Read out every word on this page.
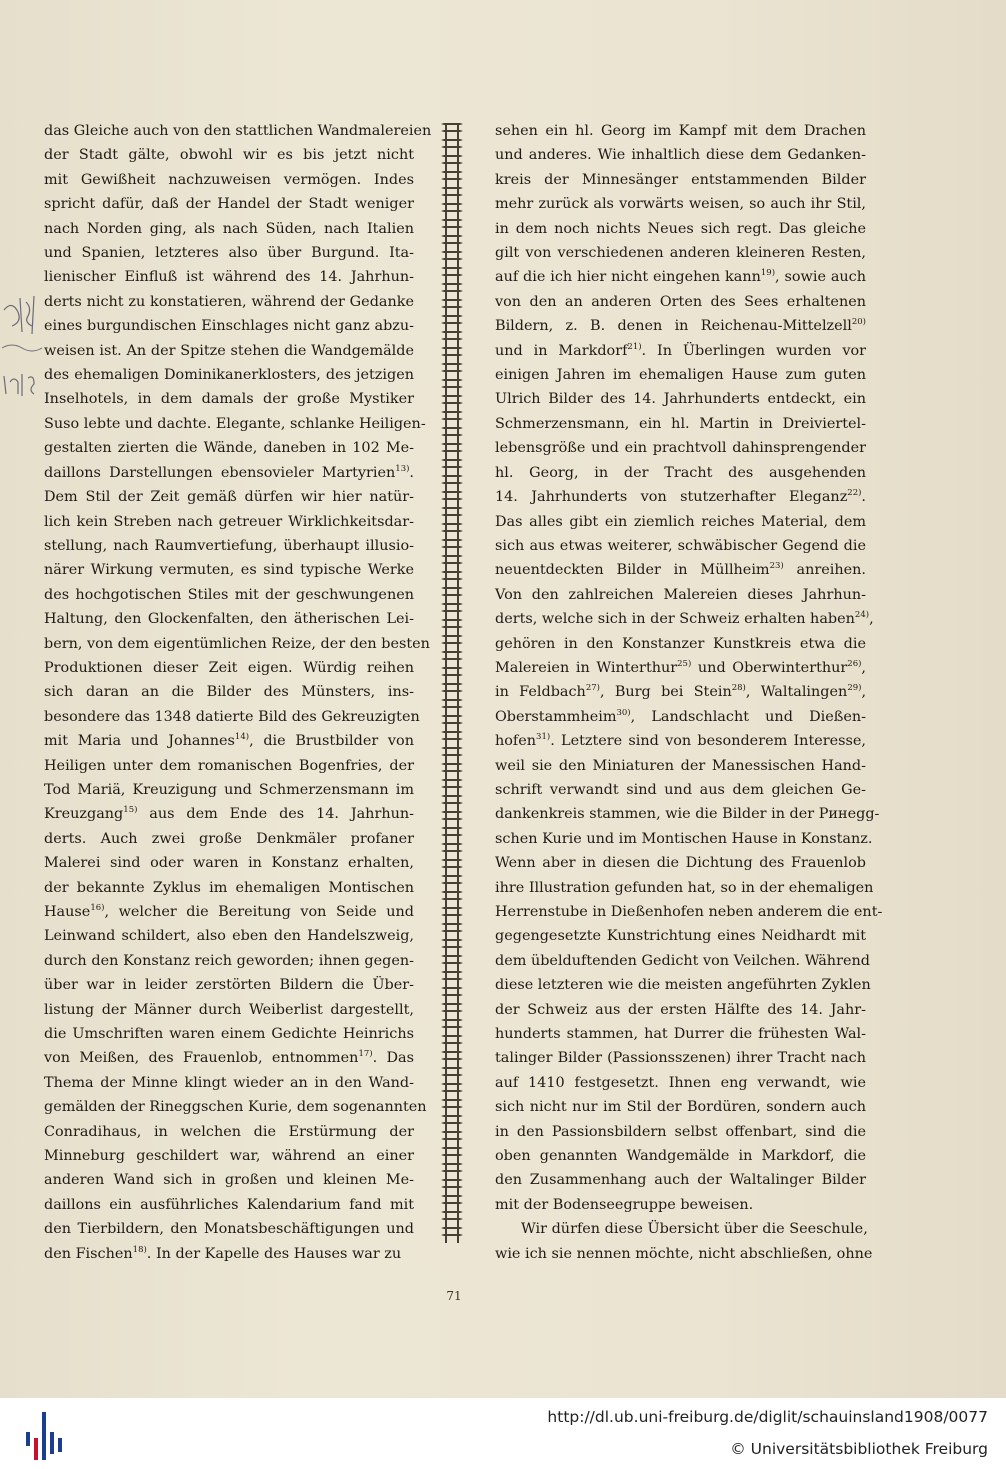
das Gleiche auch von den stattlichen Wandmalereien
der Stadt gälte, obwohl wir es bis jetzt nicht
mit Gewißheit nachzuweisen vermögen. Indes
spricht dafür, daß der Handel der Stadt weniger
nach Norden ging, als nach Süden, nach Italien
und Spanien, letzteres also über Burgund. Ita-
lienischer Einfluß ist während des 14. Jahrhun-
derts nicht zu konstatieren, während der Gedanke
eines burgundischen Einschlages nicht ganz abzu-
weisen ist. An der Spitze stehen die Wandgemälde
des ehemaligen Dominikanerklosters, des jetzigen
Inselhotels, in dem damals der große Mystiker
Suso lebte und dachte. Elegante, schlanke Heiligen-
gestalten zierten die Wände, daneben in 102 Me-
daillons Darstellungen ebensovieler Martyrien$^{13)}$.
Dem Stil der Zeit gemäß dürfen wir hier natür-
lich kein Streben nach getreuer Wirklichkeitsdar-
stellung, nach Raumvertiefung, überhaupt illusio-
närer Wirkung vermuten, es sind typische Werke
des hochgotischen Stiles mit der geschwungenen
Haltung, den Glockenfalten, den ätherischen Lei-
bern, von dem eigentümlichen Reize, der den besten
Produktionen dieser Zeit eigen. Würdig reihen
sich daran an die Bilder des Münsters, ins-
besondere das 1348 datierte Bild des Gekreuzigten
mit Maria und Johannes$^{14)}$, die Brustbilder von
Heiligen unter dem romanischen Bogenfries, der
Tod Mariä, Kreuzigung und Schmerzensmann im
Kreuzgang$^{15)}$ aus dem Ende des 14. Jahrhun-
derts. Auch zwei große Denkmäler profaner
Malerei sind oder waren in Konstanz erhalten,
der bekannte Zyklus im ehemaligen Montischen
Hause$^{16)}$, welcher die Bereitung von Seide und
Leinwand schildert, also eben den Handelszweig,
durch den Konstanz reich geworden; ihnen gegen-
über war in leider zerstörten Bildern die Über-
listung der Männer durch Weiberlist dargestellt,
die Umschriften waren einem Gedichte Heinrichs
von Meißen, des Frauenlob, entnommen$^{17)}$. Das
Thema der Minne klingt wieder an in den Wand-
gemälden der Rineggschen Kurie, dem sogenannten
Conradihaus, in welchen die Erstürmung der
Minneburg geschildert war, während an einer
anderen Wand sich in großen und kleinen Me-
daillons ein ausführliches Kalendarium fand mit
den Tierbildern, den Monatsbeschäftigungen und
den Fischen$^{18)}$. In der Kapelle des Hauses war zu
sehen ein hl. Georg im Kampf mit dem Drachen
und anderes. Wie inhaltlich diese dem Gedanken-
kreis der Minnesänger entstammenden Bilder
mehr zurück als vorwärts weisen, so auch ihr Stil,
in dem noch nichts Neues sich regt. Das gleiche
gilt von verschiedenen anderen kleineren Resten,
auf die ich hier nicht eingehen kann$^{19)}$, sowie auch
von den an anderen Orten des Sees erhaltenen
Bildern, z. B. denen in Reichenau-Mittelzell$^{20)}$
und in Markdorf$^{21)}$. In Überlingen wurden vor
einigen Jahren im ehemaligen Hause zum guten
Ulrich Bilder des 14. Jahrhunderts entdeckt, ein
Schmerzensmann, ein hl. Martin in Dreiviertel-
lebensgröße und ein prachtvoll dahinsprengender
hl. Georg, in der Tracht des ausgehenden
14. Jahrhunderts von stutzerhafter Eleganz$^{22)}$.
Das alles gibt ein ziemlich reiches Material, dem
sich aus etwas weiterer, schwäbischer Gegend die
neuentdeckten Bilder in Müllheim$^{23)}$ anreihen.
Von den zahlreichen Malereien dieses Jahrhun-
derts, welche sich in der Schweiz erhalten haben$^{24)}$,
gehören in den Konstanzer Kunstkreis etwa die
Malereien in Winterthur$^{25)}$ und Oberwinterthur$^{26)}$,
in Feldbach$^{27)}$, Burg bei Stein$^{28)}$, Waltalingen$^{29)}$,
Oberstammheim$^{30)}$, Landschlacht und Dießen-
hofen$^{31)}$. Letztere sind von besonderem Interesse,
weil sie den Miniaturen der Manessischen Hand-
schrift verwandt sind und aus dem gleichen Ge-
dankenkreis stammen, wie die Bilder in der Ринegg-
schen Kurie und im Montischen Hause in Konstanz.
Wenn aber in diesen die Dichtung des Frauenlob
ihre Illustration gefunden hat, so in der ehemaligen
Herrenstube in Dießenhofen neben anderem die ent-
gegengesetzte Kunstrichtung eines Neidhardt mit
dem übelduftenden Gedicht von Veilchen. Während
diese letzteren wie die meisten angeführten Zyklen
der Schweiz aus der ersten Hälfte des 14. Jahr-
hunderts stammen, hat Durrer die frühesten Wal-
talinger Bilder (Passionsszenen) ihrer Tracht nach
auf 1410 festgesetzt. Ihnen eng verwandt, wie
sich nicht nur im Stil der Bordüren, sondern auch
in den Passionsbildern selbst offenbart, sind die
oben genannten Wandgemälde in Markdorf, die
den Zusammenhang auch der Waltalinger Bilder
mit der Bodenseegruppe beweisen.
Wir dürfen diese Übersicht über die Seeschule,
wie ich sie nennen möchte, nicht abschließen, ohne
71
http://dl.ub.uni-freiburg.de/diglit/schauinsland1908/0077
© Universitätsbibliothek Freiburg
